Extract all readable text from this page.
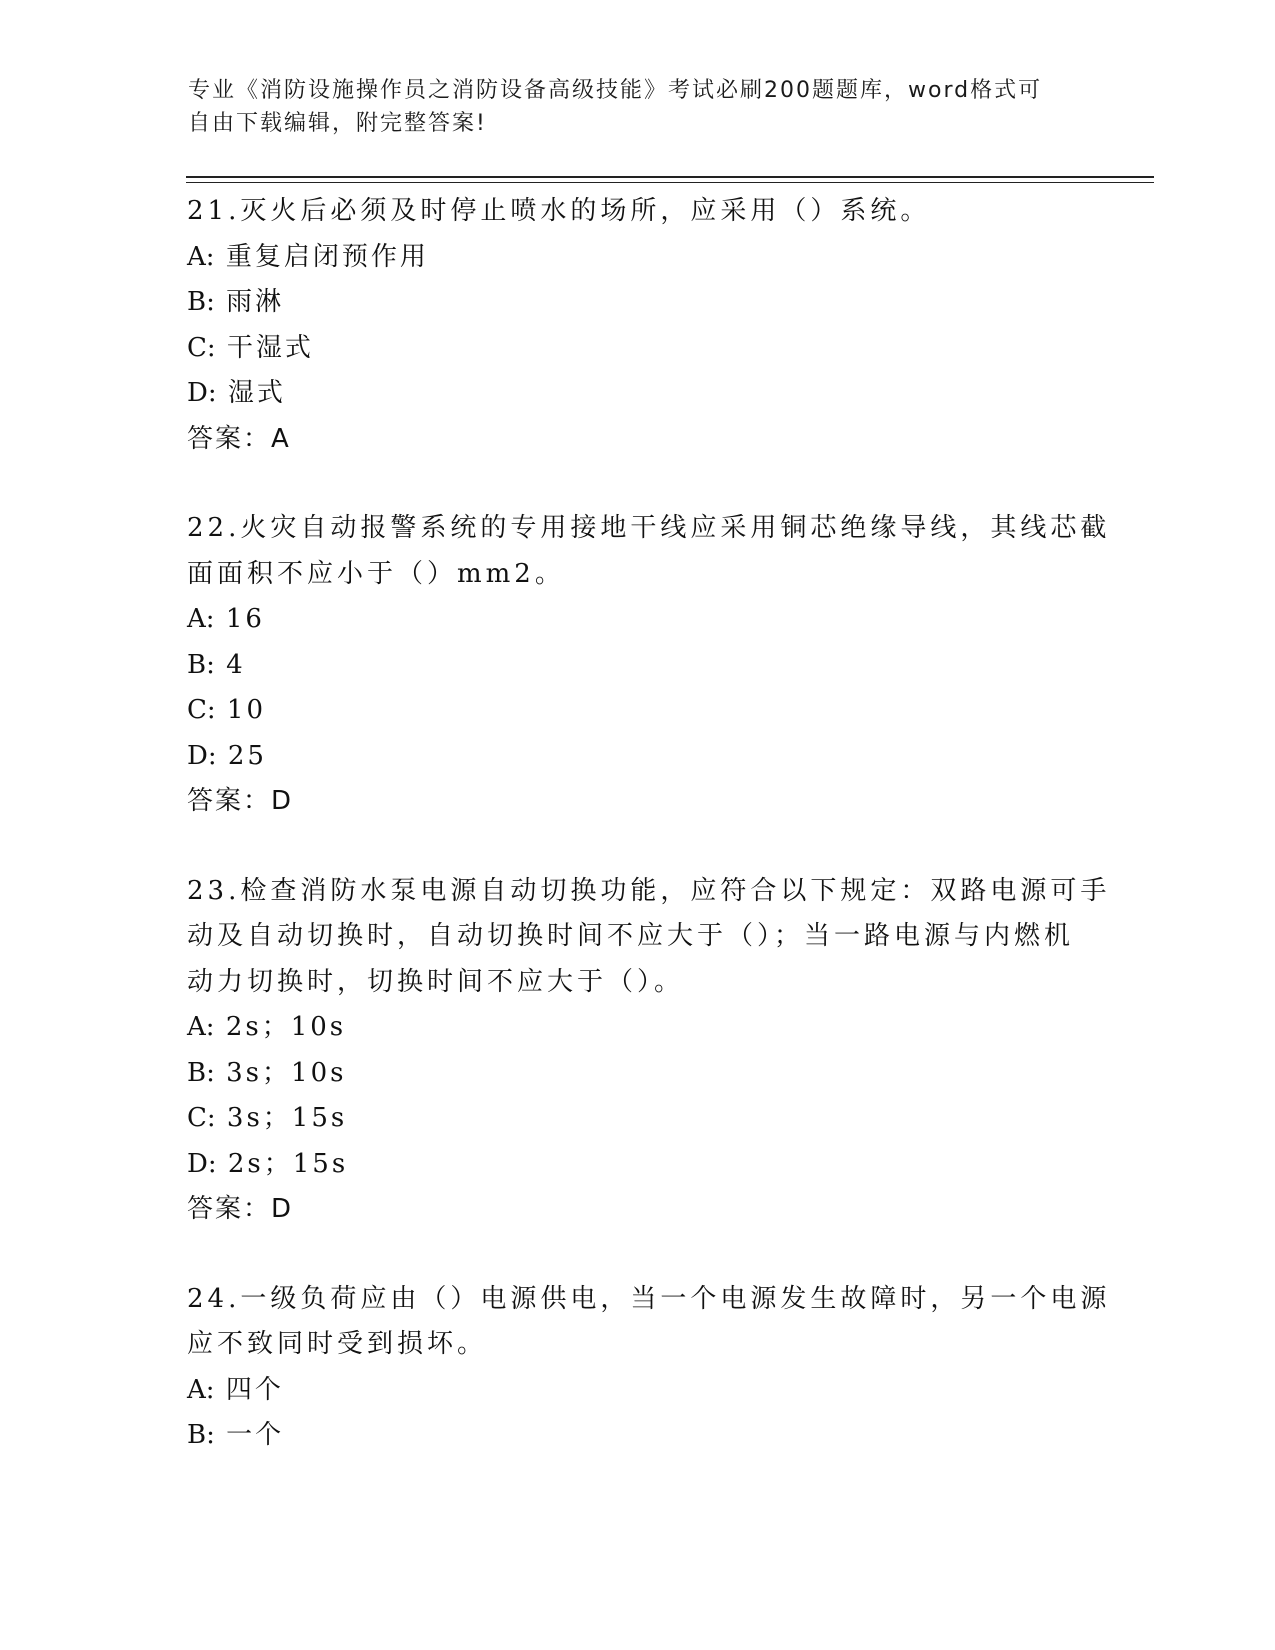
专业《消防设施操作员之消防设备高级技能》考试必刷200题题库，word格式可
自由下载编辑，附完整答案!

21.灭火后必须及时停止喷水的场所，应采用（）系统。

A: 重复启闭预作用

B: 雨淋

C: 干湿式

D: 湿式

答案：A

22.火灾自动报警系统的专用接地干线应采用铜芯绝缘导线，其线芯截
面面积不应小于（）mm2。

A: 16

B: 4

C: 10

D: 25

答案：D

23.检查消防水泵电源自动切换功能，应符合以下规定：双路电源可手
动及自动切换时，自动切换时间不应大于（）；当一路电源与内燃机
动力切换时，切换时间不应大于（）。

A: 2s；10s

B: 3s；10s

C: 3s；15s

D: 2s；15s

答案：D

24.一级负荷应由（）电源供电，当一个电源发生故障时，另一个电源
应不致同时受到损坏。

A: 四个

B: 一个
